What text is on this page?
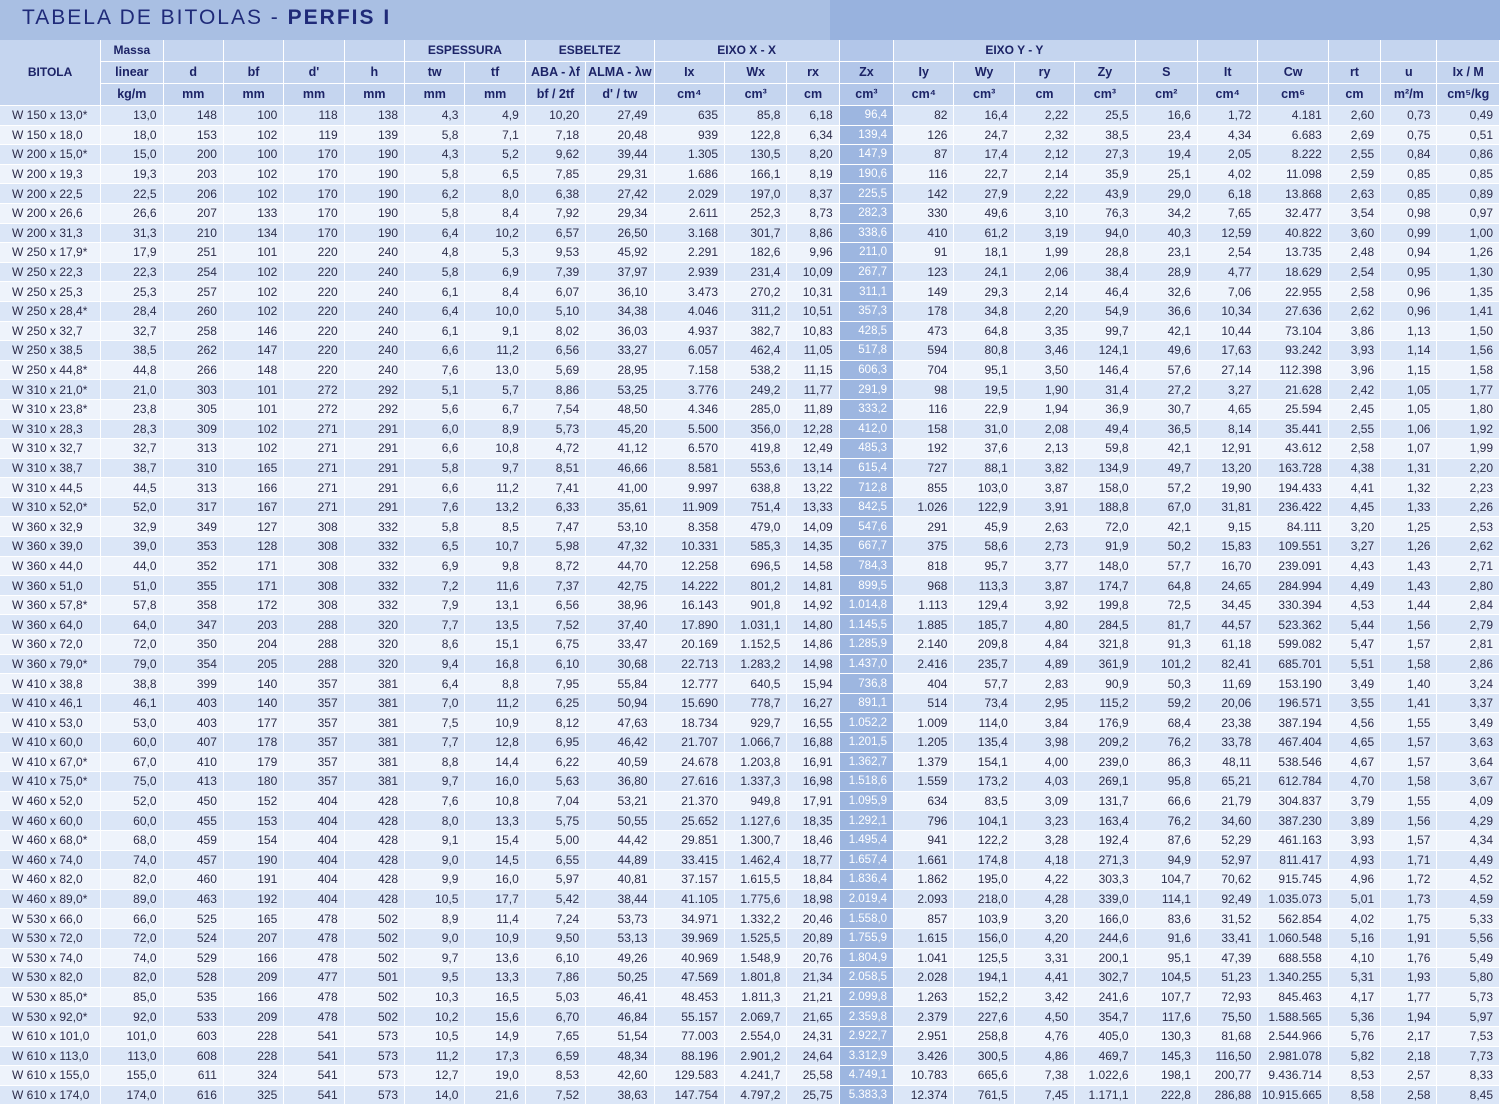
TABELA DE BITOLAS - PERFIS I
BITOLA	Massa					ESPESSURA		ESBELTEZ		EIXO X - X				EIXO Y - Y									
	linear	d	bf	d'	h	tw	tf	ABA - λf	ALMA - λw	Ix	Wx	rx	Zx	Iy	Wy	ry	Zy	S	It	Cw	rt	u	Ix / M
	kg/m	mm	mm	mm	mm	mm	mm	bf / 2tf	d' / tw	cm⁴	cm³	cm	cm³	cm⁴	cm³	cm	cm³	cm²	cm⁴	cm⁶	cm	m²/m	cm⁵/kg
W 150 x 13,0*	13,0	148	100	118	138	4,3	4,9	10,20	27,49	635	85,8	6,18	96,4	82	16,4	2,22	25,5	16,6	1,72	4.181	2,60	0,73	0,49
W 150 x 18,0	18,0	153	102	119	139	5,8	7,1	7,18	20,48	939	122,8	6,34	139,4	126	24,7	2,32	38,5	23,4	4,34	6.683	2,69	0,75	0,51
W 200 x 15,0*	15,0	200	100	170	190	4,3	5,2	9,62	39,44	1.305	130,5	8,20	147,9	87	17,4	2,12	27,3	19,4	2,05	8.222	2,55	0,84	0,86
W 200 x 19,3	19,3	203	102	170	190	5,8	6,5	7,85	29,31	1.686	166,1	8,19	190,6	116	22,7	2,14	35,9	25,1	4,02	11.098	2,59	0,85	0,85
W 200 x 22,5	22,5	206	102	170	190	6,2	8,0	6,38	27,42	2.029	197,0	8,37	225,5	142	27,9	2,22	43,9	29,0	6,18	13.868	2,63	0,85	0,89
W 200 x 26,6	26,6	207	133	170	190	5,8	8,4	7,92	29,34	2.611	252,3	8,73	282,3	330	49,6	3,10	76,3	34,2	7,65	32.477	3,54	0,98	0,97
W 200 x 31,3	31,3	210	134	170	190	6,4	10,2	6,57	26,50	3.168	301,7	8,86	338,6	410	61,2	3,19	94,0	40,3	12,59	40.822	3,60	0,99	1,00
W 250 x 17,9*	17,9	251	101	220	240	4,8	5,3	9,53	45,92	2.291	182,6	9,96	211,0	91	18,1	1,99	28,8	23,1	2,54	13.735	2,48	0,94	1,26
W 250 x 22,3	22,3	254	102	220	240	5,8	6,9	7,39	37,97	2.939	231,4	10,09	267,7	123	24,1	2,06	38,4	28,9	4,77	18.629	2,54	0,95	1,30
W 250 x 25,3	25,3	257	102	220	240	6,1	8,4	6,07	36,10	3.473	270,2	10,31	311,1	149	29,3	2,14	46,4	32,6	7,06	22.955	2,58	0,96	1,35
W 250 x 28,4*	28,4	260	102	220	240	6,4	10,0	5,10	34,38	4.046	311,2	10,51	357,3	178	34,8	2,20	54,9	36,6	10,34	27.636	2,62	0,96	1,41
W 250 x 32,7	32,7	258	146	220	240	6,1	9,1	8,02	36,03	4.937	382,7	10,83	428,5	473	64,8	3,35	99,7	42,1	10,44	73.104	3,86	1,13	1,50
W 250 x 38,5	38,5	262	147	220	240	6,6	11,2	6,56	33,27	6.057	462,4	11,05	517,8	594	80,8	3,46	124,1	49,6	17,63	93.242	3,93	1,14	1,56
W 250 x 44,8*	44,8	266	148	220	240	7,6	13,0	5,69	28,95	7.158	538,2	11,15	606,3	704	95,1	3,50	146,4	57,6	27,14	112.398	3,96	1,15	1,58
W 310 x 21,0*	21,0	303	101	272	292	5,1	5,7	8,86	53,25	3.776	249,2	11,77	291,9	98	19,5	1,90	31,4	27,2	3,27	21.628	2,42	1,05	1,77
W 310 x 23,8*	23,8	305	101	272	292	5,6	6,7	7,54	48,50	4.346	285,0	11,89	333,2	116	22,9	1,94	36,9	30,7	4,65	25.594	2,45	1,05	1,80
W 310 x 28,3	28,3	309	102	271	291	6,0	8,9	5,73	45,20	5.500	356,0	12,28	412,0	158	31,0	2,08	49,4	36,5	8,14	35.441	2,55	1,06	1,92
W 310 x 32,7	32,7	313	102	271	291	6,6	10,8	4,72	41,12	6.570	419,8	12,49	485,3	192	37,6	2,13	59,8	42,1	12,91	43.612	2,58	1,07	1,99
W 310 x 38,7	38,7	310	165	271	291	5,8	9,7	8,51	46,66	8.581	553,6	13,14	615,4	727	88,1	3,82	134,9	49,7	13,20	163.728	4,38	1,31	2,20
W 310 x 44,5	44,5	313	166	271	291	6,6	11,2	7,41	41,00	9.997	638,8	13,22	712,8	855	103,0	3,87	158,0	57,2	19,90	194.433	4,41	1,32	2,23
W 310 x 52,0*	52,0	317	167	271	291	7,6	13,2	6,33	35,61	11.909	751,4	13,33	842,5	1.026	122,9	3,91	188,8	67,0	31,81	236.422	4,45	1,33	2,26
W 360 x 32,9	32,9	349	127	308	332	5,8	8,5	7,47	53,10	8.358	479,0	14,09	547,6	291	45,9	2,63	72,0	42,1	9,15	84.111	3,20	1,25	2,53
W 360 x 39,0	39,0	353	128	308	332	6,5	10,7	5,98	47,32	10.331	585,3	14,35	667,7	375	58,6	2,73	91,9	50,2	15,83	109.551	3,27	1,26	2,62
W 360 x 44,0	44,0	352	171	308	332	6,9	9,8	8,72	44,70	12.258	696,5	14,58	784,3	818	95,7	3,77	148,0	57,7	16,70	239.091	4,43	1,43	2,71
W 360 x 51,0	51,0	355	171	308	332	7,2	11,6	7,37	42,75	14.222	801,2	14,81	899,5	968	113,3	3,87	174,7	64,8	24,65	284.994	4,49	1,43	2,80
W 360 x 57,8*	57,8	358	172	308	332	7,9	13,1	6,56	38,96	16.143	901,8	14,92	1.014,8	1.113	129,4	3,92	199,8	72,5	34,45	330.394	4,53	1,44	2,84
W 360 x 64,0	64,0	347	203	288	320	7,7	13,5	7,52	37,40	17.890	1.031,1	14,80	1.145,5	1.885	185,7	4,80	284,5	81,7	44,57	523.362	5,44	1,56	2,79
W 360 x 72,0	72,0	350	204	288	320	8,6	15,1	6,75	33,47	20.169	1.152,5	14,86	1.285,9	2.140	209,8	4,84	321,8	91,3	61,18	599.082	5,47	1,57	2,81
W 360 x 79,0*	79,0	354	205	288	320	9,4	16,8	6,10	30,68	22.713	1.283,2	14,98	1.437,0	2.416	235,7	4,89	361,9	101,2	82,41	685.701	5,51	1,58	2,86
W 410 x 38,8	38,8	399	140	357	381	6,4	8,8	7,95	55,84	12.777	640,5	15,94	736,8	404	57,7	2,83	90,9	50,3	11,69	153.190	3,49	1,40	3,24
W 410 x 46,1	46,1	403	140	357	381	7,0	11,2	6,25	50,94	15.690	778,7	16,27	891,1	514	73,4	2,95	115,2	59,2	20,06	196.571	3,55	1,41	3,37
W 410 x 53,0	53,0	403	177	357	381	7,5	10,9	8,12	47,63	18.734	929,7	16,55	1.052,2	1.009	114,0	3,84	176,9	68,4	23,38	387.194	4,56	1,55	3,49
W 410 x 60,0	60,0	407	178	357	381	7,7	12,8	6,95	46,42	21.707	1.066,7	16,88	1.201,5	1.205	135,4	3,98	209,2	76,2	33,78	467.404	4,65	1,57	3,63
W 410 x 67,0*	67,0	410	179	357	381	8,8	14,4	6,22	40,59	24.678	1.203,8	16,91	1.362,7	1.379	154,1	4,00	239,0	86,3	48,11	538.546	4,67	1,57	3,64
W 410 x 75,0*	75,0	413	180	357	381	9,7	16,0	5,63	36,80	27.616	1.337,3	16,98	1.518,6	1.559	173,2	4,03	269,1	95,8	65,21	612.784	4,70	1,58	3,67
W 460 x 52,0	52,0	450	152	404	428	7,6	10,8	7,04	53,21	21.370	949,8	17,91	1.095,9	634	83,5	3,09	131,7	66,6	21,79	304.837	3,79	1,55	4,09
W 460 x 60,0	60,0	455	153	404	428	8,0	13,3	5,75	50,55	25.652	1.127,6	18,35	1.292,1	796	104,1	3,23	163,4	76,2	34,60	387.230	3,89	1,56	4,29
W 460 x 68,0*	68,0	459	154	404	428	9,1	15,4	5,00	44,42	29.851	1.300,7	18,46	1.495,4	941	122,2	3,28	192,4	87,6	52,29	461.163	3,93	1,57	4,34
W 460 x 74,0	74,0	457	190	404	428	9,0	14,5	6,55	44,89	33.415	1.462,4	18,77	1.657,4	1.661	174,8	4,18	271,3	94,9	52,97	811.417	4,93	1,71	4,49
W 460 x 82,0	82,0	460	191	404	428	9,9	16,0	5,97	40,81	37.157	1.615,5	18,84	1.836,4	1.862	195,0	4,22	303,3	104,7	70,62	915.745	4,96	1,72	4,52
W 460 x 89,0*	89,0	463	192	404	428	10,5	17,7	5,42	38,44	41.105	1.775,6	18,98	2.019,4	2.093	218,0	4,28	339,0	114,1	92,49	1.035.073	5,01	1,73	4,59
W 530 x 66,0	66,0	525	165	478	502	8,9	11,4	7,24	53,73	34.971	1.332,2	20,46	1.558,0	857	103,9	3,20	166,0	83,6	31,52	562.854	4,02	1,75	5,33
W 530 x 72,0	72,0	524	207	478	502	9,0	10,9	9,50	53,13	39.969	1.525,5	20,89	1.755,9	1.615	156,0	4,20	244,6	91,6	33,41	1.060.548	5,16	1,91	5,56
W 530 x 74,0	74,0	529	166	478	502	9,7	13,6	6,10	49,26	40.969	1.548,9	20,76	1.804,9	1.041	125,5	3,31	200,1	95,1	47,39	688.558	4,10	1,76	5,49
W 530 x 82,0	82,0	528	209	477	501	9,5	13,3	7,86	50,25	47.569	1.801,8	21,34	2.058,5	2.028	194,1	4,41	302,7	104,5	51,23	1.340.255	5,31	1,93	5,80
W 530 x 85,0*	85,0	535	166	478	502	10,3	16,5	5,03	46,41	48.453	1.811,3	21,21	2.099,8	1.263	152,2	3,42	241,6	107,7	72,93	845.463	4,17	1,77	5,73
W 530 x 92,0*	92,0	533	209	478	502	10,2	15,6	6,70	46,84	55.157	2.069,7	21,65	2.359,8	2.379	227,6	4,50	354,7	117,6	75,50	1.588.565	5,36	1,94	5,97
W 610 x 101,0	101,0	603	228	541	573	10,5	14,9	7,65	51,54	77.003	2.554,0	24,31	2.922,7	2.951	258,8	4,76	405,0	130,3	81,68	2.544.966	5,76	2,17	7,53
W 610 x 113,0	113,0	608	228	541	573	11,2	17,3	6,59	48,34	88.196	2.901,2	24,64	3.312,9	3.426	300,5	4,86	469,7	145,3	116,50	2.981.078	5,82	2,18	7,73
W 610 x 155,0	155,0	611	324	541	573	12,7	19,0	8,53	42,60	129.583	4.241,7	25,58	4.749,1	10.783	665,6	7,38	1.022,6	198,1	200,77	9.436.714	8,53	2,57	8,33
W 610 x 174,0	174,0	616	325	541	573	14,0	21,6	7,52	38,63	147.754	4.797,2	25,75	5.383,3	12.374	761,5	7,45	1.171,1	222,8	286,88	10.915.665	8,58	2,58	8,45
